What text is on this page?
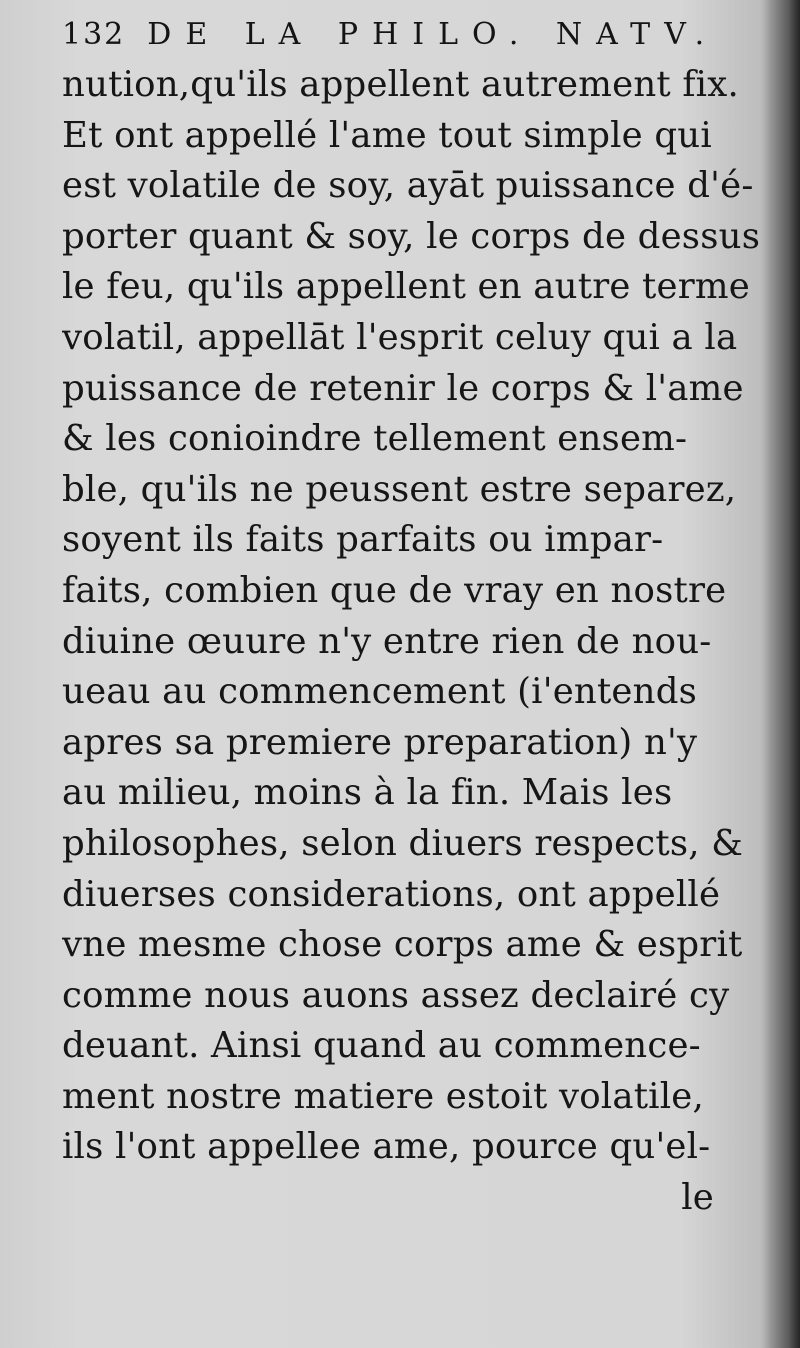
132 DE LA PHILO. NATV.
nution,qu'ils appellent autrement fix.
Et ont appellé l'ame tout simple qui
est volatile de soy, ayāt puissance d'é-
porter quant & soy, le corps de dessus
le feu, qu'ils appellent en autre terme
volatil, appellāt l'esprit celuy qui a la
puissance de retenir le corps & l'ame
& les conioindre tellement ensem-
ble, qu'ils ne peussent estre separez,
soyent ils faits parfaits ou impar-
faits, combien que de vray en nostre
diuine œuure n'y entre rien de nou-
ueau au commencement (i'entends
apres sa premiere preparation) n'y
au milieu, moins à la fin. Mais les
philosophes, selon diuers respects, &
diuerses considerations, ont appellé
vne mesme chose corps ame & esprit
comme nous auons assez declairé cy
deuant. Ainsi quand au commence-
ment nostre matiere estoit volatile,
ils l'ont appellee ame, pource qu'el-
le
